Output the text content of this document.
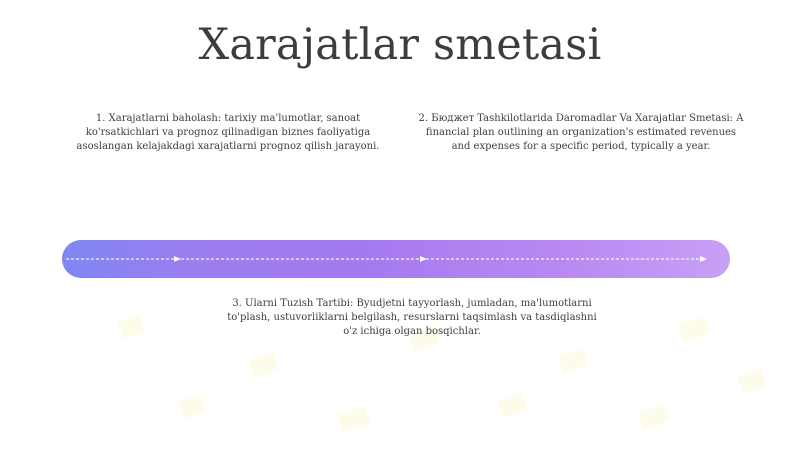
Xarajatlar smetasi
1. Xarajatlarni baholash: tarixiy ma'lumotlar, sanoat ko'rsatkichlari va prognoz qilinadigan biznes faoliyatiga asoslangan kelajakdagi xarajatlarni prognoz qilish jarayoni.
2. Бюджет Tashkilotlarida Daromadlar Va Xarajatlar Smetasi: A financial plan outlining an organization's estimated revenues and expenses for a specific period, typically a year.
3. Ularni Tuzish Tartibi: Byudjetni tayyorlash, jumladan, ma'lumotlarni to'plash, ustuvorliklarni belgilash, resurslarni taqsimlash va tasdiqlashni o'z ichiga olgan bosqichlar.
